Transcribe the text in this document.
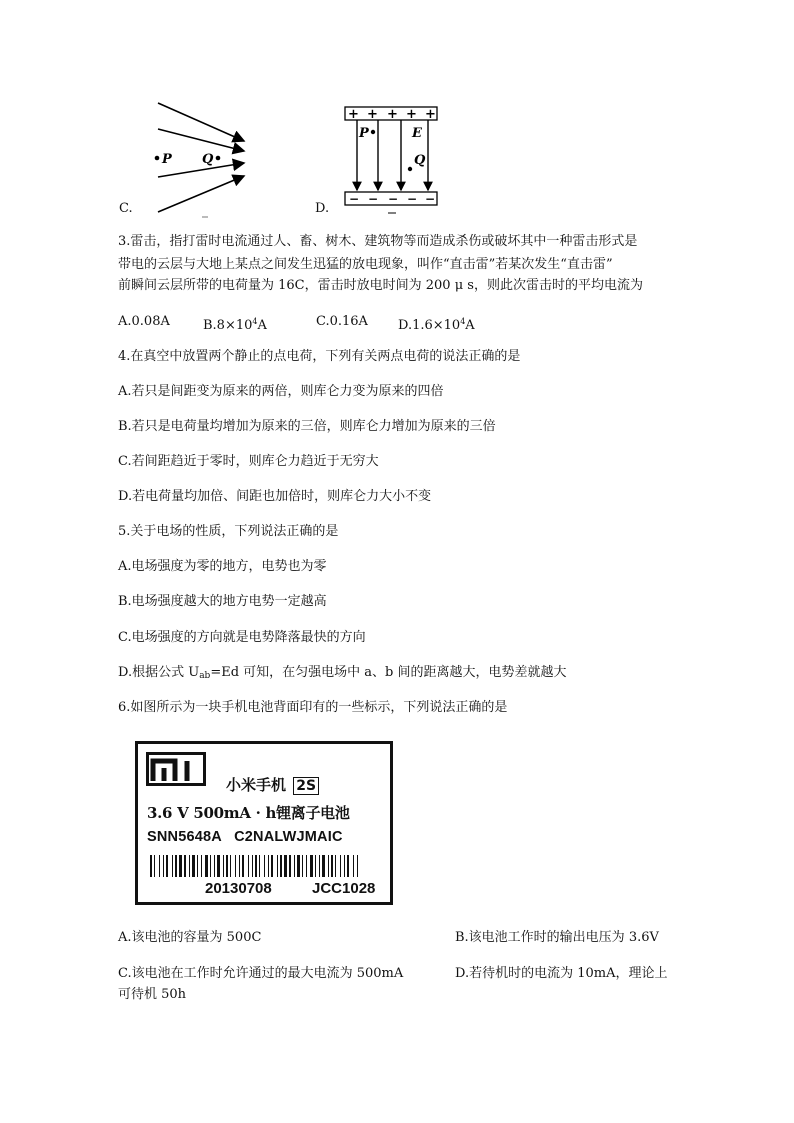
P Q
C.
+ + + + +
P	E
Q
− − − − −
D.
3.雷击，指打雷时电流通过人、畜、树木、建筑物等而造成杀伤或破坏其中一种雷击形式是
带电的云层与大地上某点之间发生迅猛的放电现象，叫作“直击雷”若某次发生“直击雷”
前瞬间云层所带的电荷量为 16C，雷击时放电时间为 200 μ s，则此次雷击时的平均电流为
A.0.08A	$B.8\times 10^4A$	C.0.16A $D.1.6\times 10^4A$
4.在真空中放置两个静止的点电荷，下列有关两点电荷的说法正确的是
A.若只是间距变为原来的两倍，则库仑力变为原来的四倍
B.若只是电荷量均增加为原来的三倍，则库仑力增加为原来的三倍
C.若间距趋近于零时，则库仑力趋近于无穷大
D.若电荷量均加倍、间距也加倍时，则库仑力大小不变
5.关于电场的性质，下列说法正确的是
A.电场强度为零的地方，电势也为零
B.电场强度越大的地方电势一定越高
C.电场强度的方向就是电势降落最快的方向
D.根据公式 $U_{ab}=Ed$ 可知，在匀强电场中 a、b 间的距离越大，电势差就越大
6.如图所示为一块手机电池背面印有的一些标示，下列说法正确的是
小米手机 2S
3.6 V 500mA · h锂离子电池
SNN5648A   C2NALWJMAIC
20130708	JCC1028
A.该电池的容量为 500C	B.该电池工作时的输出电压为 3.6V
C.该电池在工作时允许通过的最大电流为 500mA	D.若待机时的电流为 10mA，理论上
可待机 50h
